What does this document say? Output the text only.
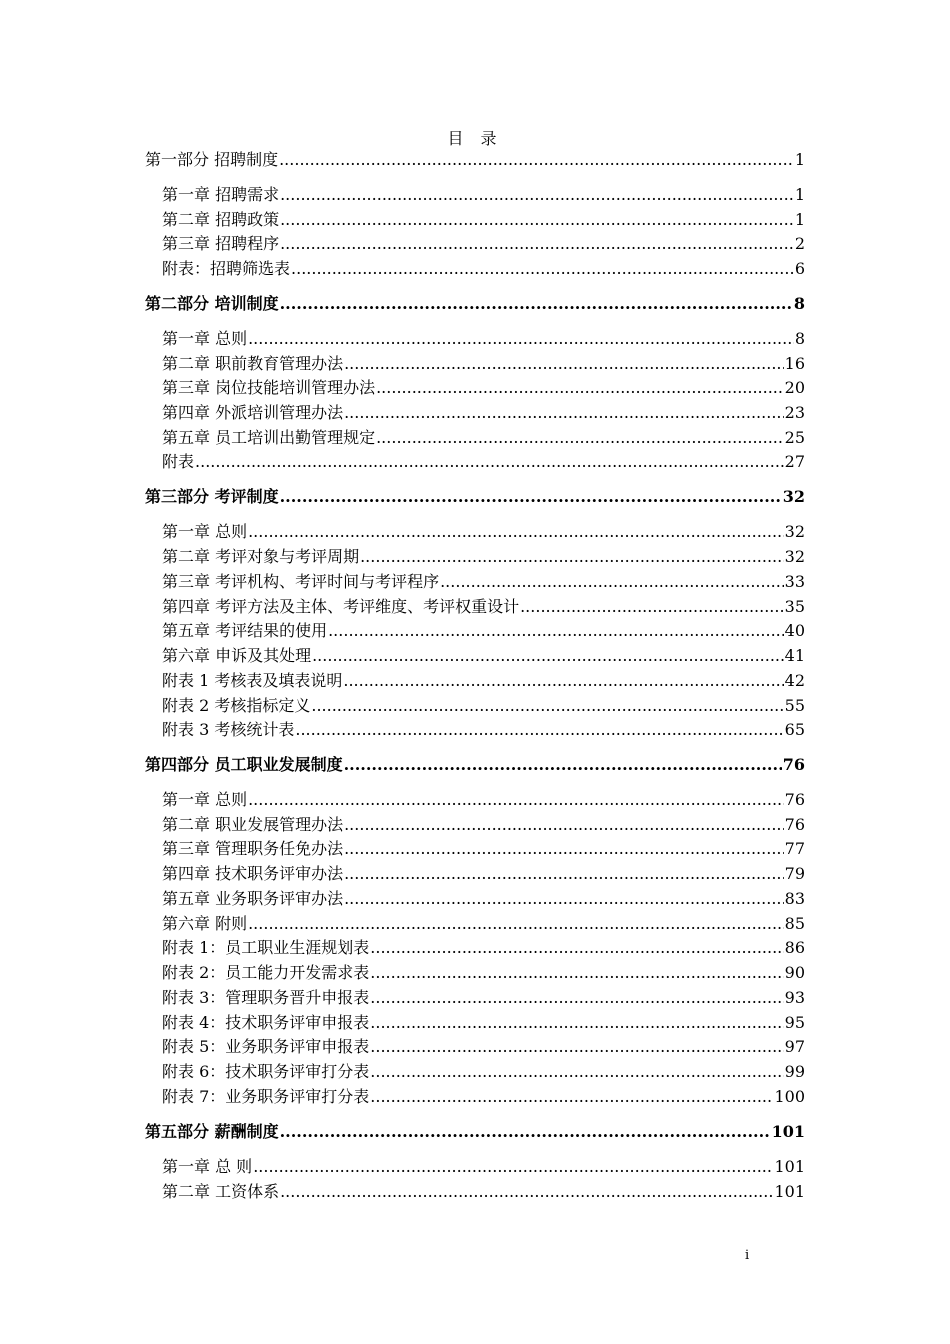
目 录
第一部分 招聘制度 .....	1
第一章 招聘需求 .....	1
第二章 招聘政策 .....	1
第三章 招聘程序 .....	2
附表：招聘筛选表 .....	6
第二部分 培训制度 .....	8
第一章 总则 .....	8
第二章 职前教育管理办法 .....	16
第三章 岗位技能培训管理办法 .....	20
第四章 外派培训管理办法 .....	23
第五章 员工培训出勤管理规定 .....	25
附表 .....	27
第三部分 考评制度 .....	32
第一章 总则 .....	32
第二章 考评对象与考评周期 .....	32
第三章 考评机构、考评时间与考评程序 .....	33
第四章 考评方法及主体、考评维度、考评权重设计 .....	35
第五章 考评结果的使用 .....	40
第六章 申诉及其处理 .....	41
附表 1 考核表及填表说明 .....	42
附表 2 考核指标定义 .....	55
附表 3 考核统计表 .....	65
第四部分 员工职业发展制度 .....	76
第一章 总则 .....	76
第二章 职业发展管理办法 .....	76
第三章 管理职务任免办法 .....	77
第四章 技术职务评审办法 .....	79
第五章 业务职务评审办法 .....	83
第六章 附则 .....	85
附表 1：员工职业生涯规划表 .....	86
附表 2：员工能力开发需求表 .....	90
附表 3：管理职务晋升申报表 .....	93
附表 4：技术职务评审申报表 .....	95
附表 5：业务职务评审申报表 .....	97
附表 6：技术职务评审打分表 .....	99
附表 7：业务职务评审打分表 .....	100
第五部分 薪酬制度 .....	101
第一章 总 则 .....	101
第二章 工资体系 .....	101
i
